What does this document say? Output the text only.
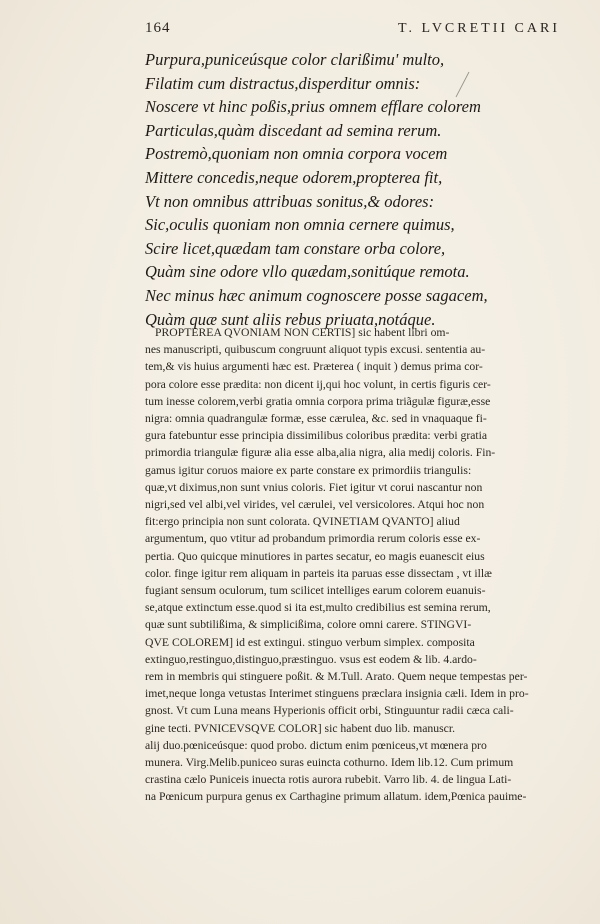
164	T. LVCRETII CARI
Purpura,puniceúsque color clarißimu' multo,
Filatim cum distractus,disperditur omnis:
Noscere vt hinc poßis,prius omnem efflare colorem
Particulas,quàm discedant ad semina rerum.
Postremò,quoniam non omnia corpora vocem
Mittere concedis,neque odorem,propterea fit,
Vt non omnibus attribuas sonitus,& odores:
Sic,oculis quoniam non omnia cernere quimus,
Scire licet,quædam tam constare orba colore,
Quàm sine odore vllo quædam,sonitúque remota.
Nec minus hæc animum cognoscere posse sagacem,
Quàm quæ sunt aliis rebus priuata,notáque.
PROPTEREA QVONIAM NON CERTIS] sic habent libri om-
nes manuscripti, quibuscum congruunt aliquot typis excusi. sententia au-
tem,& vis huius argumenti hæc est. Præterea ( inquit ) demus prima cor-
pora colore esse prædita: non dicent ij,qui hoc volunt, in certis figuris cer-
tum inesse colorem,verbi gratia omnia corpora prima triãgulæ figuræ,esse
nigra: omnia quadrangulæ formæ, esse cærulea, &c. sed in vnaquaque fi-
gura fatebuntur esse principia dissimilibus coloribus prædita: verbi gratia
primordia triangulæ figuræ alia esse alba,alia nigra, alia medij coloris. Fin-
gamus igitur coruos maiore ex parte constare ex primordiis triangulis:
quæ,vt diximus,non sunt vnius coloris. Fiet igitur vt corui nascantur non
nigri,sed vel albi,vel virides, vel cærulei, vel versicolores. Atqui hoc non
fit:ergo principia non sunt colorata. QVINETIAM QVANTO] aliud
argumentum, quo vtitur ad probandum primordia rerum coloris esse ex-
pertia. Quo quicque minutiores in partes secatur, eo magis euanescit eius
color. finge igitur rem aliquam in parteis ita paruas esse dissectam , vt illæ
fugiant sensum oculorum, tum scilicet intelliges earum colorem euanuis-
se,atque extinctum esse.quod si ita est,multo credibilius est semina rerum,
quæ sunt subtilißima, & simplicißima, colore omni carere. STINGVI-
QVE COLOREM] id est extingui. stinguo verbum simplex. composita
extinguo,restinguo,distinguo,præstinguo. vsus est eodem & lib. 4.ardo-
rem in membris qui stinguere poßit. & M.Tull. Arato. Quem neque tempestas per-
imet,neque longa vetustas Interimet stinguens præclara insignia cæli. Idem in pro-
gnost. Vt cum Luna means Hyperionis officit orbi, Stinguuntur radii cæca cali-
gine tecti. PVNICEVSQVE COLOR] sic habent duo lib. manuscr.
alij duo.pœniceúsque: quod probo. dictum enim pœniceus,vt mœnera pro
munera. Virg.Melib.puniceo suras euincta cothurno. Idem lib.12. Cum primum
crastina cælo Puniceis inuecta rotis aurora rubebit. Varro lib. 4. de lingua Lati-
na Pœnicum purpura genus ex Carthagine primum allatum. idem,Pœnica pauime-
